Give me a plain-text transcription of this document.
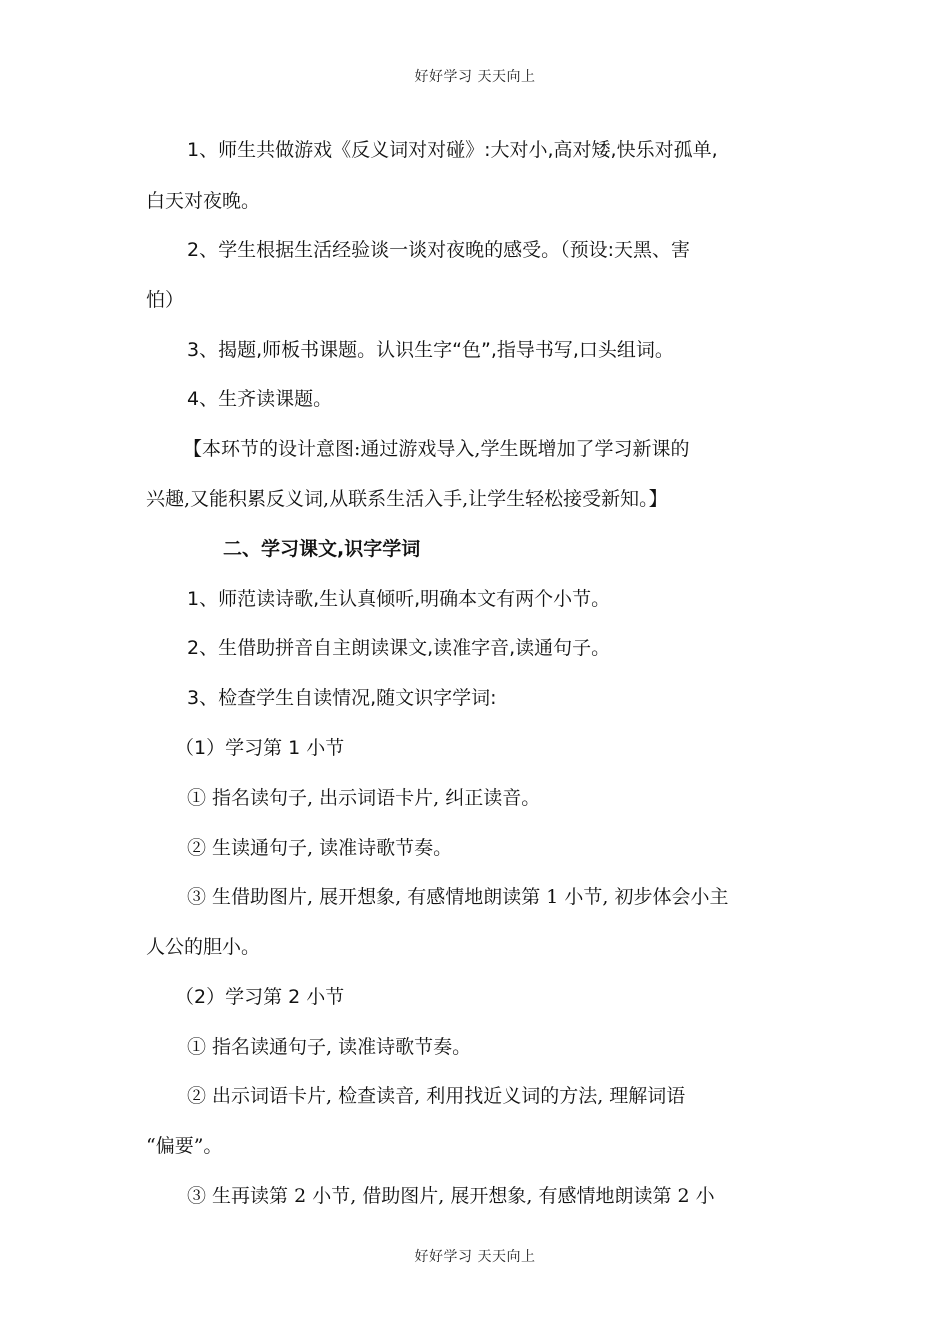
好好学习 天天向上
1、师生共做游戏《反义词对对碰》:大对小,高对矮,快乐对孤单,
白天对夜晚。
2、学生根据生活经验谈一谈对夜晚的感受。（预设:天黑、害
怕）
3、揭题,师板书课题。认识生字“色”,指导书写,口头组词。
4、生齐读课题。
【本环节的设计意图:通过游戏导入,学生既增加了学习新课的
兴趣,又能积累反义词,从联系生活入手,让学生轻松接受新知。】
二、学习课文,识字学词
1、师范读诗歌,生认真倾听,明确本文有两个小节。
2、生借助拼音自主朗读课文,读准字音,读通句子。
3、检查学生自读情况,随文识字学词:
（1）学习第 1 小节
① 指名读句子, 出示词语卡片, 纠正读音。
② 生读通句子, 读准诗歌节奏。
③ 生借助图片, 展开想象, 有感情地朗读第 1 小节, 初步体会小主
人公的胆小。
（2）学习第 2 小节
① 指名读通句子, 读准诗歌节奏。
② 出示词语卡片, 检查读音, 利用找近义词的方法, 理解词语
“偏要”。
③ 生再读第 2 小节, 借助图片, 展开想象, 有感情地朗读第 2 小
好好学习 天天向上
